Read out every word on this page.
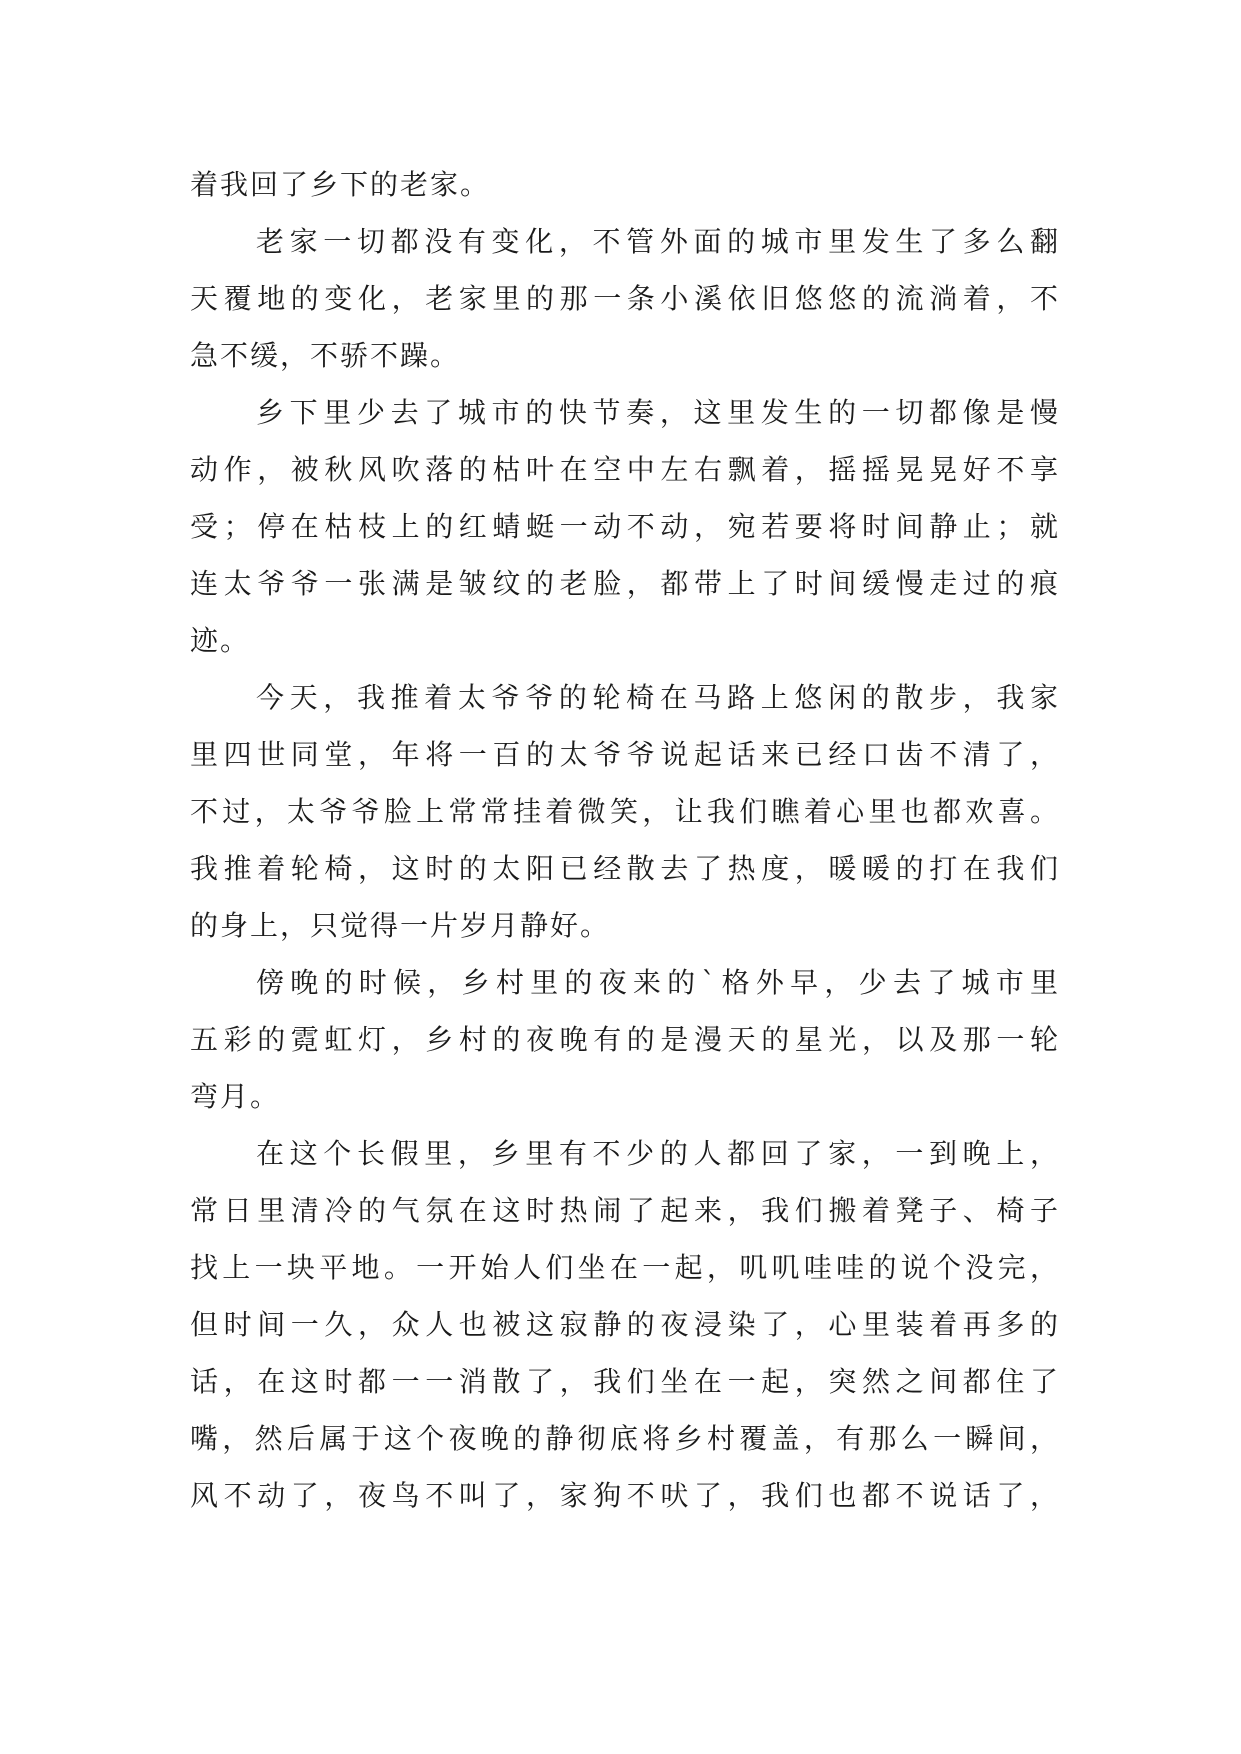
着我回了乡下的老家。
老家一切都没有变化，不管外面的城市里发生了多么翻
天覆地的变化，老家里的那一条小溪依旧悠悠的流淌着，不
急不缓，不骄不躁。
乡下里少去了城市的快节奏，这里发生的一切都像是慢
动作，被秋风吹落的枯叶在空中左右飘着，摇摇晃晃好不享
受；停在枯枝上的红蜻蜓一动不动，宛若要将时间静止；就
连太爷爷一张满是皱纹的老脸，都带上了时间缓慢走过的痕
迹。
今天，我推着太爷爷的轮椅在马路上悠闲的散步，我家
里四世同堂，年将一百的太爷爷说起话来已经口齿不清了，
不过，太爷爷脸上常常挂着微笑，让我们瞧着心里也都欢喜。
我推着轮椅，这时的太阳已经散去了热度，暖暖的打在我们
的身上，只觉得一片岁月静好。
傍晚的时候，乡村里的夜来的`格外早，少去了城市里
五彩的霓虹灯，乡村的夜晚有的是漫天的星光，以及那一轮
弯月。
在这个长假里，乡里有不少的人都回了家，一到晚上，
常日里清冷的气氛在这时热闹了起来，我们搬着凳子、椅子
找上一块平地。一开始人们坐在一起，叽叽哇哇的说个没完，
但时间一久，众人也被这寂静的夜浸染了，心里装着再多的
话，在这时都一一消散了，我们坐在一起，突然之间都住了
嘴，然后属于这个夜晚的静彻底将乡村覆盖，有那么一瞬间，
风不动了，夜鸟不叫了，家狗不吠了，我们也都不说话了，
